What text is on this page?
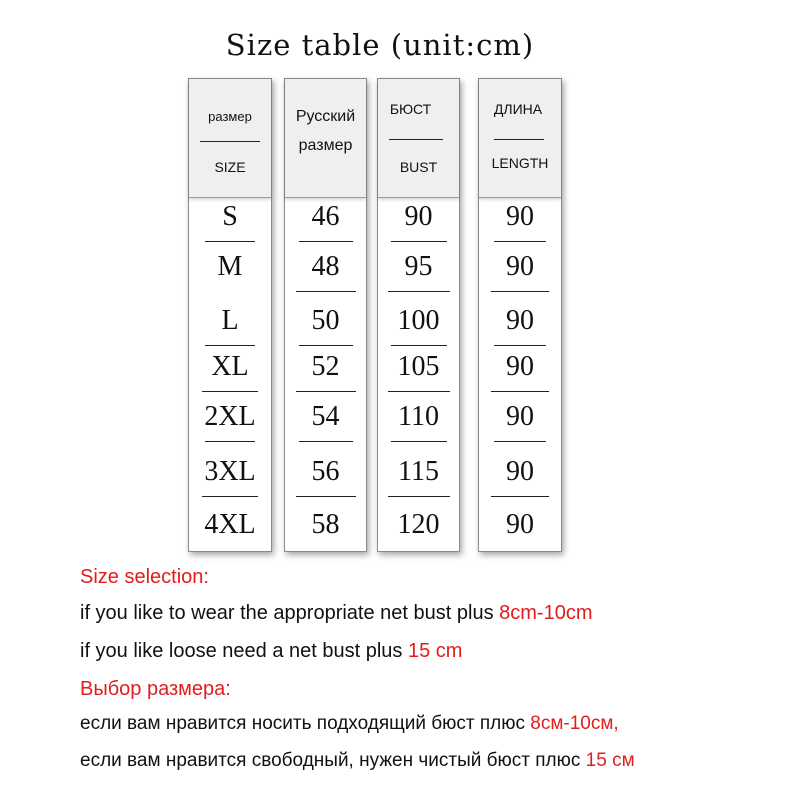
Size table (unit:cm)
размер
SIZE
S
M
L
XL
2XL
3XL
4XL
Русский
размер
46
48
50
52
54
56
58
БЮСТ
BUST
90
95
100
105
110
115
120
ДЛИНА
LENGTH
90
90
90
90
90
90
90
Size selection:
if you like to wear the appropriate net bust plus 8cm-10cm
if you like loose need a net bust plus 15 cm
Выбор размера:
если вам нравится носить подходящий бюст плюс 8см-10см,
если вам нравится свободный, нужен чистый бюст плюс 15 см
